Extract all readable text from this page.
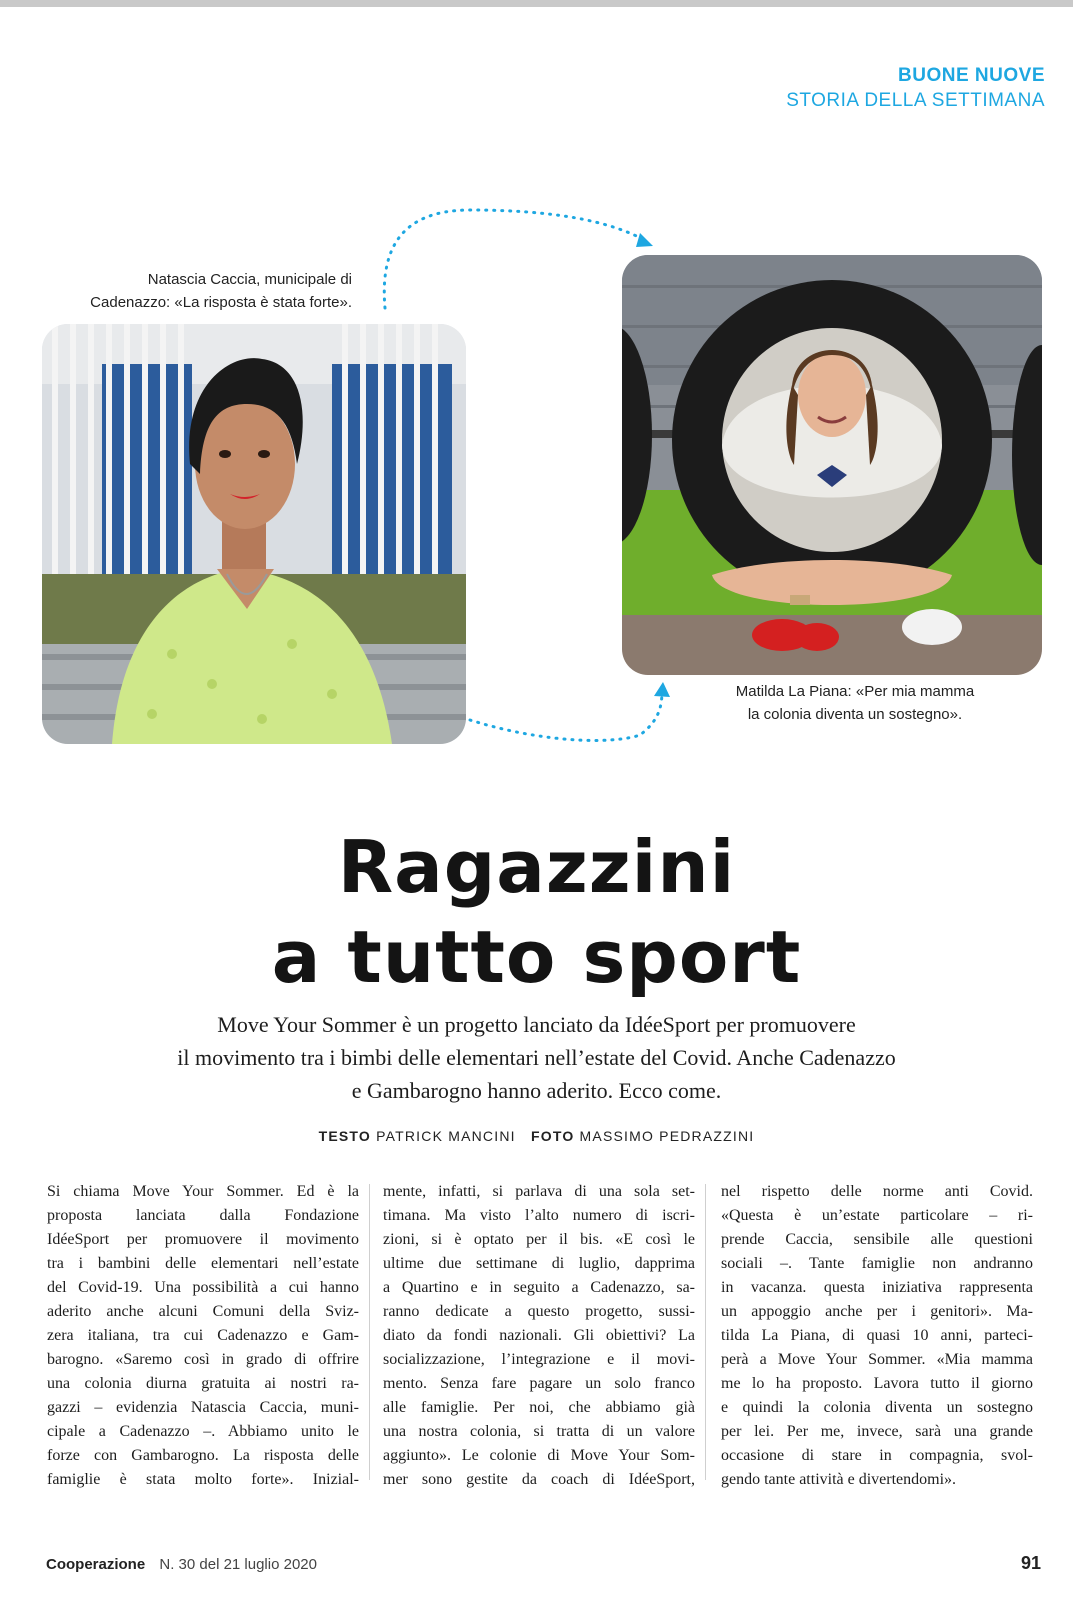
BUONE NUOVE
STORIA DELLA SETTIMANA
Natascia Caccia, municipale di
Cadenazzo: «La risposta è stata forte».
Matilda La Piana: «Per mia mamma
la colonia diventa un sostegno».
Ragazzini
a tutto sport
Move Your Sommer è un progetto lanciato da IdéeSport per promuovere
il movimento tra i bimbi delle elementari nell’estate del Covid. Anche Cadenazzo
e Gambarogno hanno aderito. Ecco come.
TESTO PATRICK MANCINI FOTO MASSIMO PEDRAZZINI
Si chiama Move Your Sommer. Ed è la
proposta lanciata dalla Fondazione
IdéeSport per promuovere il movimento
tra i bambini delle elementari nell’estate
del Covid-19. Una possibilità a cui hanno
aderito anche alcuni Comuni della Sviz-
zera italiana, tra cui Cadenazzo e Gam-
barogno. «Saremo così in grado di offrire
una colonia diurna gratuita ai nostri ra-
gazzi – evidenzia Natascia Caccia, muni-
cipale a Cadenazzo –. Abbiamo unito le
forze con Gambarogno. La risposta delle
famiglie è stata molto forte». Inizial-
mente, infatti, si parlava di una sola set-
timana. Ma visto l’alto numero di iscri-
zioni, si è optato per il bis. «E così le
ultime due settimane di luglio, dapprima
a Quartino e in seguito a Cadenazzo, sa-
ranno dedicate a questo progetto, sussi-
diato da fondi nazionali. Gli obiettivi? La
socializzazione, l’integrazione e il movi-
mento. Senza fare pagare un solo franco
alle famiglie. Per noi, che abbiamo già
una nostra colonia, si tratta di un valore
aggiunto». Le colonie di Move Your Som-
mer sono gestite da coach di IdéeSport,
nel rispetto delle norme anti Covid.
«Questa è un’estate particolare – ri-
prende Caccia, sensibile alle questioni
sociali –. Tante famiglie non andranno
in vacanza. questa iniziativa rappresenta
un appoggio anche per i genitori». Ma-
tilda La Piana, di quasi 10 anni, parteci-
perà a Move Your Sommer. «Mia mamma
me lo ha proposto. Lavora tutto il giorno
e quindi la colonia diventa un sostegno
per lei. Per me, invece, sarà una grande
occasione di stare in compagnia, svol-
gendo tante attività e divertendomi».
Cooperazione N. 30 del 21 luglio 2020	91
